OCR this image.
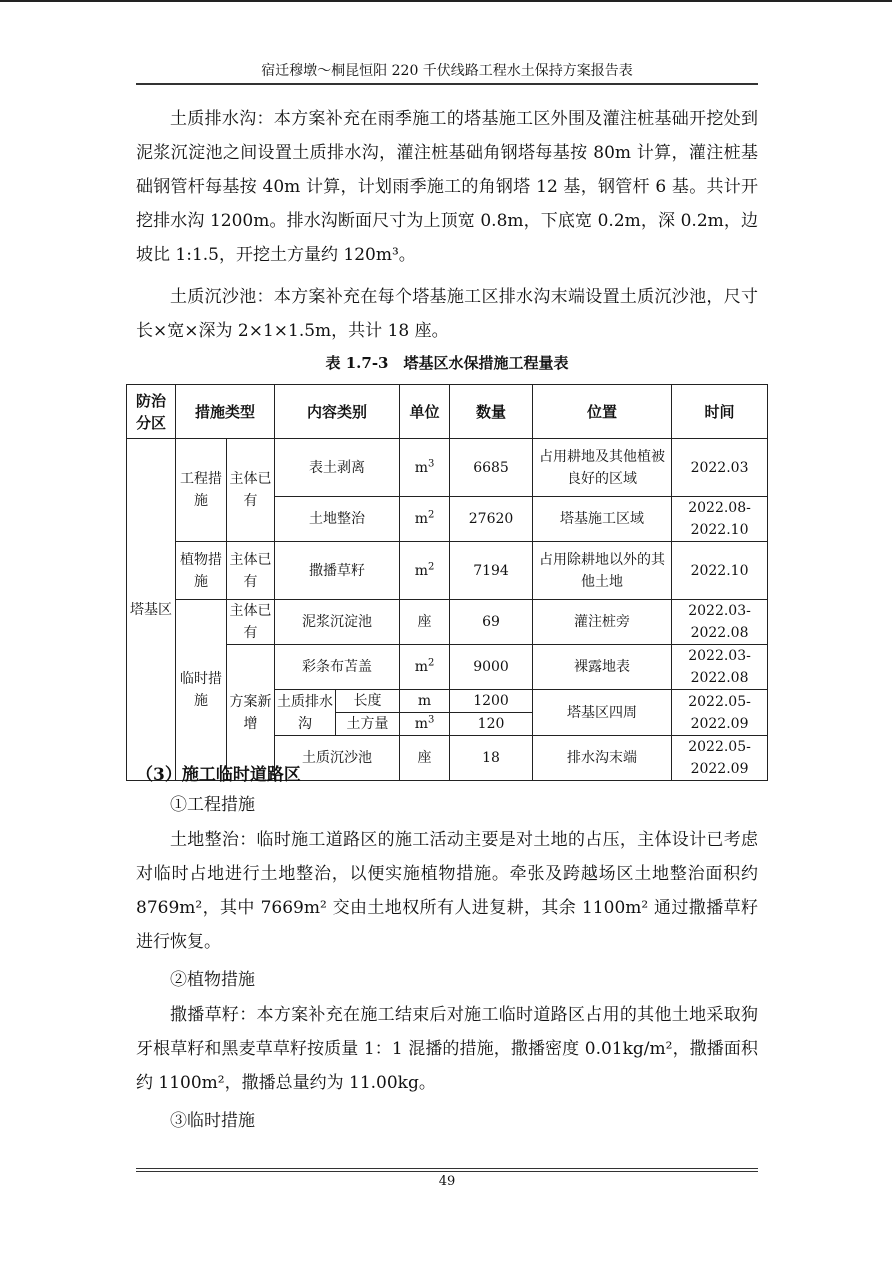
宿迁穆墩～桐昆恒阳 220 千伏线路工程水土保持方案报告表

土质排水沟：本方案补充在雨季施工的塔基施工区外围及灌注桩基础开挖处到泥浆沉淀池之间设置土质排水沟，灌注桩基础角钢塔每基按 80m 计算，灌注桩基础钢管杆每基按 40m 计算，计划雨季施工的角钢塔 12 基，钢管杆 6 基。共计开挖排水沟 1200m。排水沟断面尺寸为上顶宽 0.8m，下底宽 0.2m，深 0.2m，边坡比 1:1.5，开挖土方量约 120m³。

土质沉沙池：本方案补充在每个塔基施工区排水沟末端设置土质沉沙池，尺寸长×宽×深为 2×1×1.5m，共计 18 座。

表 1.7-3　塔基区水保措施工程量表
防治分区	措施类型		内容类别		单位	数量	位置	时间
塔基区	工程措施	主体已有	表土剥离		$m^3$	6685	占用耕地及其他植被良好的区域	2022.03
			土地整治		$m^2$	27620	塔基施工区域	2022.08-2022.10
	植物措施	主体已有	撒播草籽		$m^2$	7194	占用除耕地以外的其他土地	2022.10
	临时措施	主体已有	泥浆沉淀池		座	69	灌注桩旁	2022.03-2022.08
		方案新增	彩条布苫盖		$m^2$	9000	裸露地表	2022.03-2022.08
			土质排水沟	长度	m	1200	塔基区四周	2022.05-2022.09
				土方量	$m^3$	120		
			土质沉沙池		座	18	排水沟末端	2022.05-2022.09
（3）施工临时道路区

①工程措施

土地整治：临时施工道路区的施工活动主要是对土地的占压，主体设计已考虑对临时占地进行土地整治，以便实施植物措施。牵张及跨越场区土地整治面积约 8769m²，其中 7669m² 交由土地权所有人进复耕，其余 1100m² 通过撒播草籽进行恢复。

②植物措施

撒播草籽：本方案补充在施工结束后对施工临时道路区占用的其他土地采取狗牙根草籽和黑麦草草籽按质量 1：1 混播的措施，撒播密度 0.01kg/m²，撒播面积约 1100m²，撒播总量约为 11.00kg。

③临时措施

49
